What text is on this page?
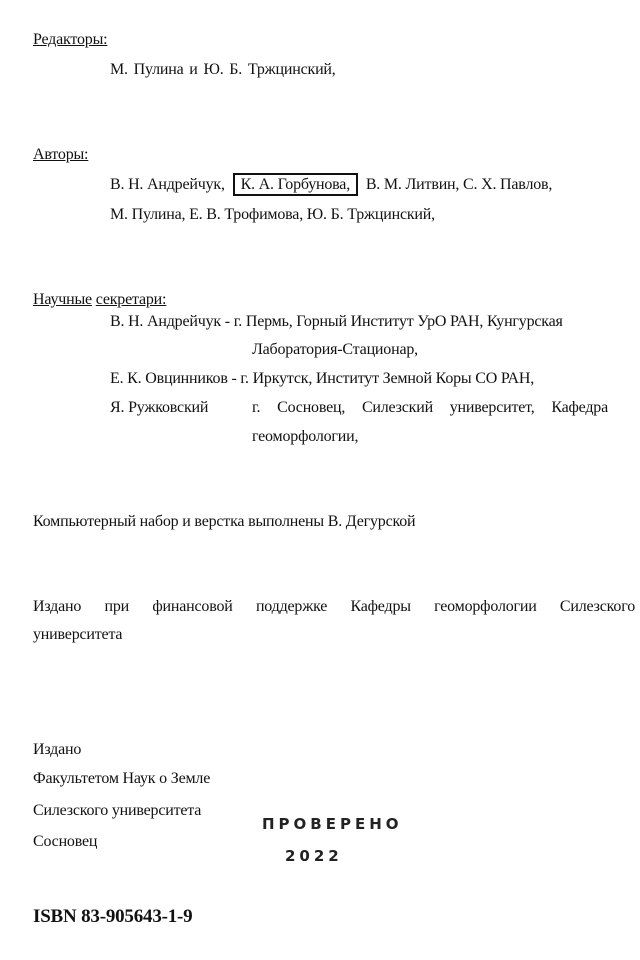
Редакторы:
М. Пулина и Ю. Б. Тржцинский,
Авторы:
В. Н. Андрейчук, К. А. Горбунова, В. М. Литвин, С. Х. Павлов,
М. Пулина, Е. В. Трофимова, Ю. Б. Тржцинский,
Научные секретари:
В. Н. Андрейчук - г. Пермь, Горный Институт УрО РАН, Кунгурская
Лаборатория-Стационар,
Е. К. Овцинников - г. Иркутск, Институт Земной Коры СО РАН,
Я. Ружковский	г. Сосновец, Силезский университет, Кафедра
геоморфологии,
Компьютерный набор и верстка выполнены В. Дегурской
Издано при финансовой поддержке Кафедры геоморфологии Силезского
университета
Издано
Факультетом Наук о Земле
Силезского университета
Сосновец
ПРОВЕРЕНО
2022
ISBN 83-905643-1-9
